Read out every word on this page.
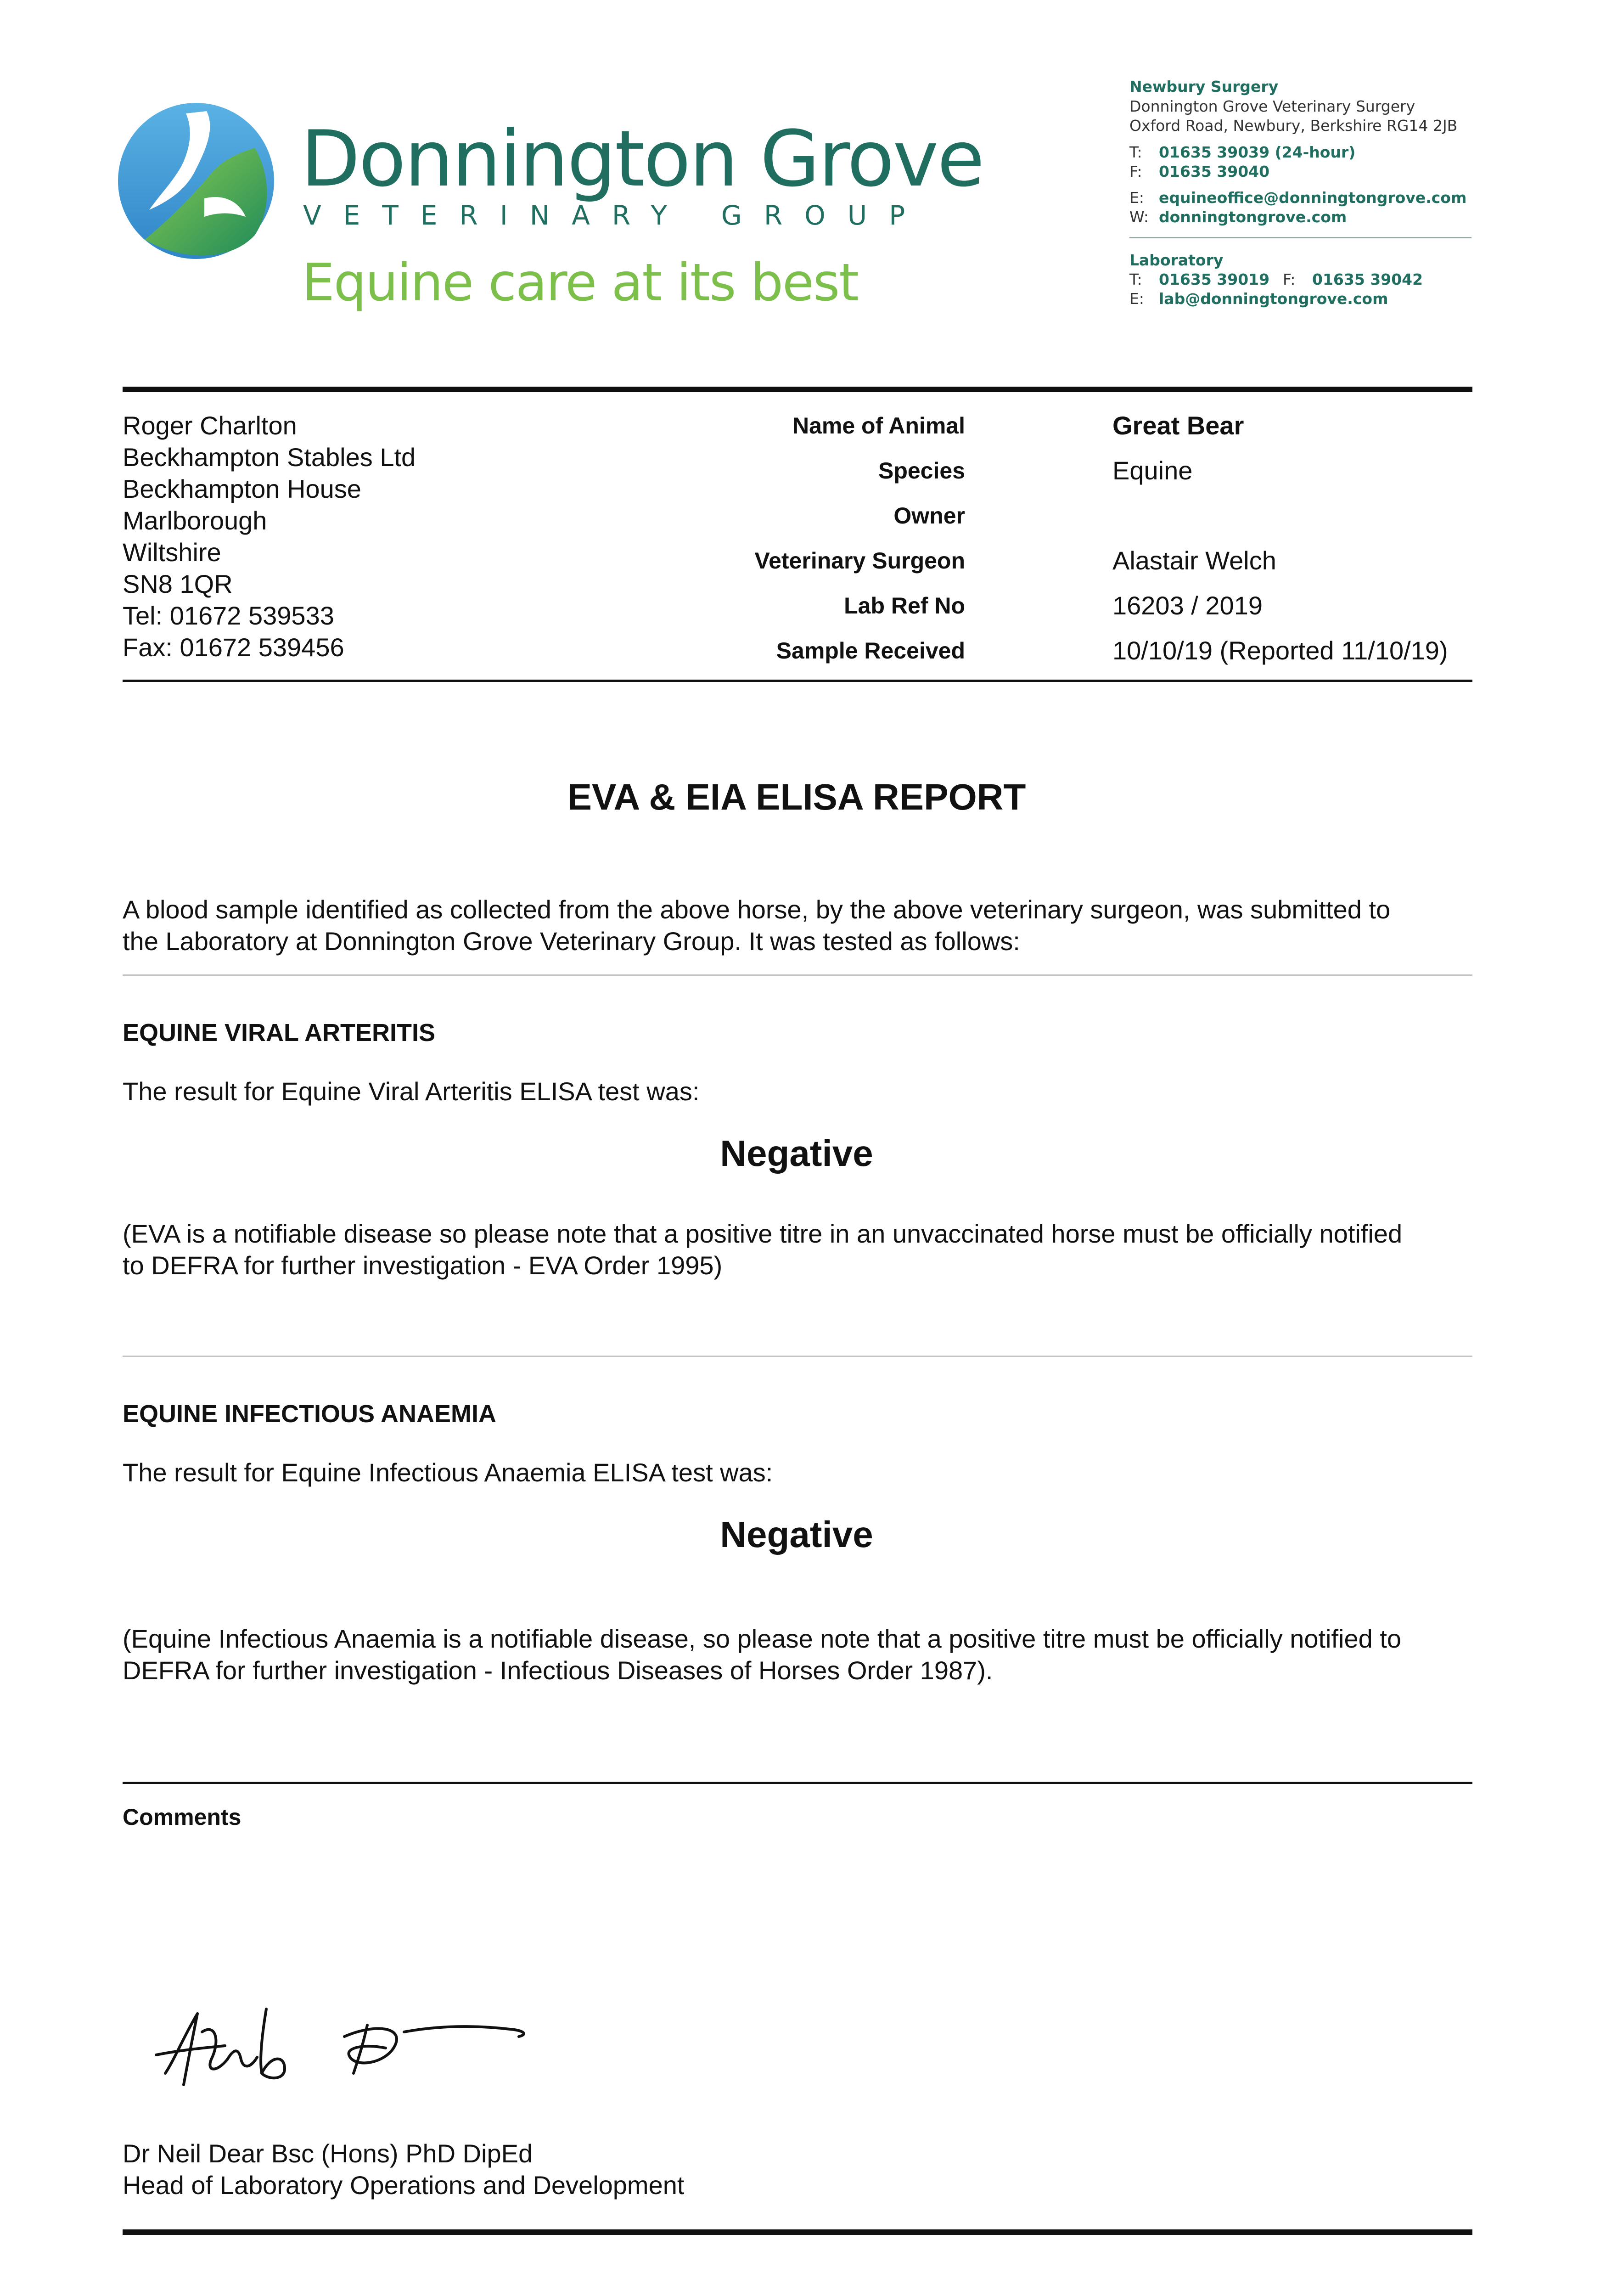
Donnington Grove
VETERINARY GROUP
Equine care at its best
Newbury Surgery
Donnington Grove Veterinary Surgery
Oxford Road, Newbury, Berkshire RG14 2JB
T: 01635 39039 (24-hour)
F: 01635 39040
E: equineoffice@donningtongrove.com
W: donningtongrove.com
Laboratory
T: 01635 39019 F: 01635 39042
E: lab@donningtongrove.com
Roger Charlton
Beckhampton Stables Ltd
Beckhampton House
Marlborough
Wiltshire
SN8 1QR
Tel: 01672 539533
Fax: 01672 539456
Name of Animal	Great Bear
Species	Equine
Owner
Veterinary Surgeon	Alastair Welch
Lab Ref No	16203 / 2019
Sample Received	10/10/19 (Reported 11/10/19)
EVA & EIA ELISA REPORT
A blood sample identified as collected from the above horse, by the above veterinary surgeon, was submitted to
the Laboratory at Donnington Grove Veterinary Group. It was tested as follows:
EQUINE VIRAL ARTERITIS
The result for Equine Viral Arteritis ELISA test was:
Negative
(EVA is a notifiable disease so please note that a positive titre in an unvaccinated horse must be officially notified
to DEFRA for further investigation - EVA Order 1995)
EQUINE INFECTIOUS ANAEMIA
The result for Equine Infectious Anaemia ELISA test was:
Negative
(Equine Infectious Anaemia is a notifiable disease, so please note that a positive titre must be officially notified to
DEFRA for further investigation - Infectious Diseases of Horses Order 1987).
Comments
Dr Neil Dear Bsc (Hons) PhD DipEd
Head of Laboratory Operations and Development
